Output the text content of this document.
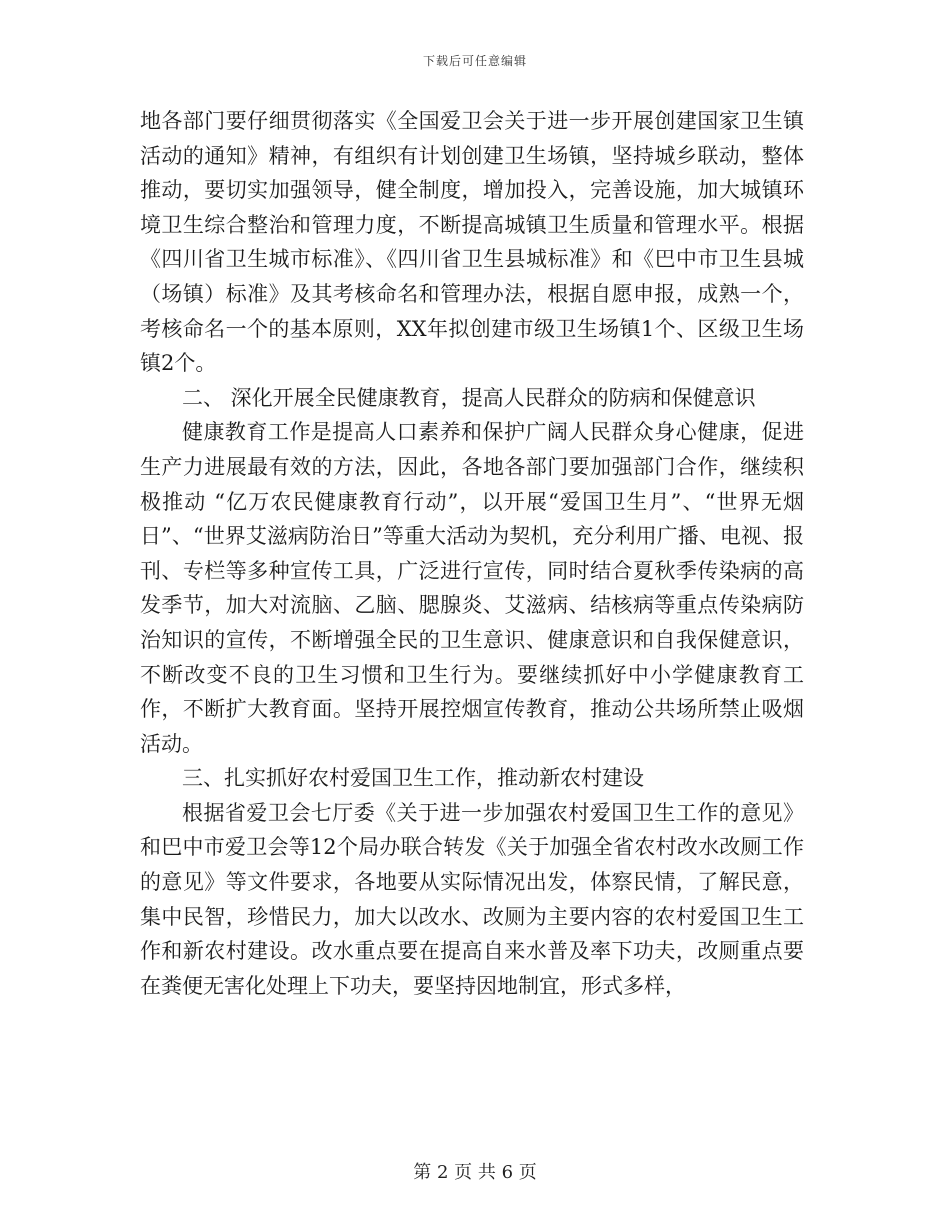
下载后可任意编辑

地各部门要仔细贯彻落实《全国爱卫会关于进一步开展创建国家卫生镇活动的通知》精神，有组织有计划创建卫生场镇，坚持城乡联动，整体推动，要切实加强领导，健全制度，增加投入，完善设施，加大城镇环境卫生综合整治和管理力度，不断提高城镇卫生质量和管理水平。根据《四川省卫生城市标准》、《四川省卫生县城标准》和《巴中市卫生县城（场镇）标准》及其考核命名和管理办法，根据自愿申报，成熟一个，考核命名一个的基本原则，XX年拟创建市级卫生场镇1个、区级卫生场镇2个。

二、 深化开展全民健康教育，提高人民群众的防病和保健意识

健康教育工作是提高人口素养和保护广阔人民群众身心健康，促进生产力进展最有效的方法，因此，各地各部门要加强部门合作，继续积极推动 “亿万农民健康教育行动”，以开展“爱国卫生月”、“世界无烟日”、“世界艾滋病防治日”等重大活动为契机，充分利用广播、电视、报刊、专栏等多种宣传工具，广泛进行宣传，同时结合夏秋季传染病的高发季节，加大对流脑、乙脑、腮腺炎、艾滋病、结核病等重点传染病防治知识的宣传，不断增强全民的卫生意识、健康意识和自我保健意识，不断改变不良的卫生习惯和卫生行为。要继续抓好中小学健康教育工作，不断扩大教育面。坚持开展控烟宣传教育，推动公共场所禁止吸烟活动。

三、扎实抓好农村爱国卫生工作，推动新农村建设

根据省爱卫会七厅委《关于进一步加强农村爱国卫生工作的意见》和巴中市爱卫会等12个局办联合转发《关于加强全省农村改水改厕工作的意见》等文件要求，各地要从实际情况出发，体察民情，了解民意，集中民智，珍惜民力，加大以改水、改厕为主要内容的农村爱国卫生工作和新农村建设。改水重点要在提高自来水普及率下功夫，改厕重点要在粪便无害化处理上下功夫，要坚持因地制宜，形式多样，

第 2 页 共 6 页
